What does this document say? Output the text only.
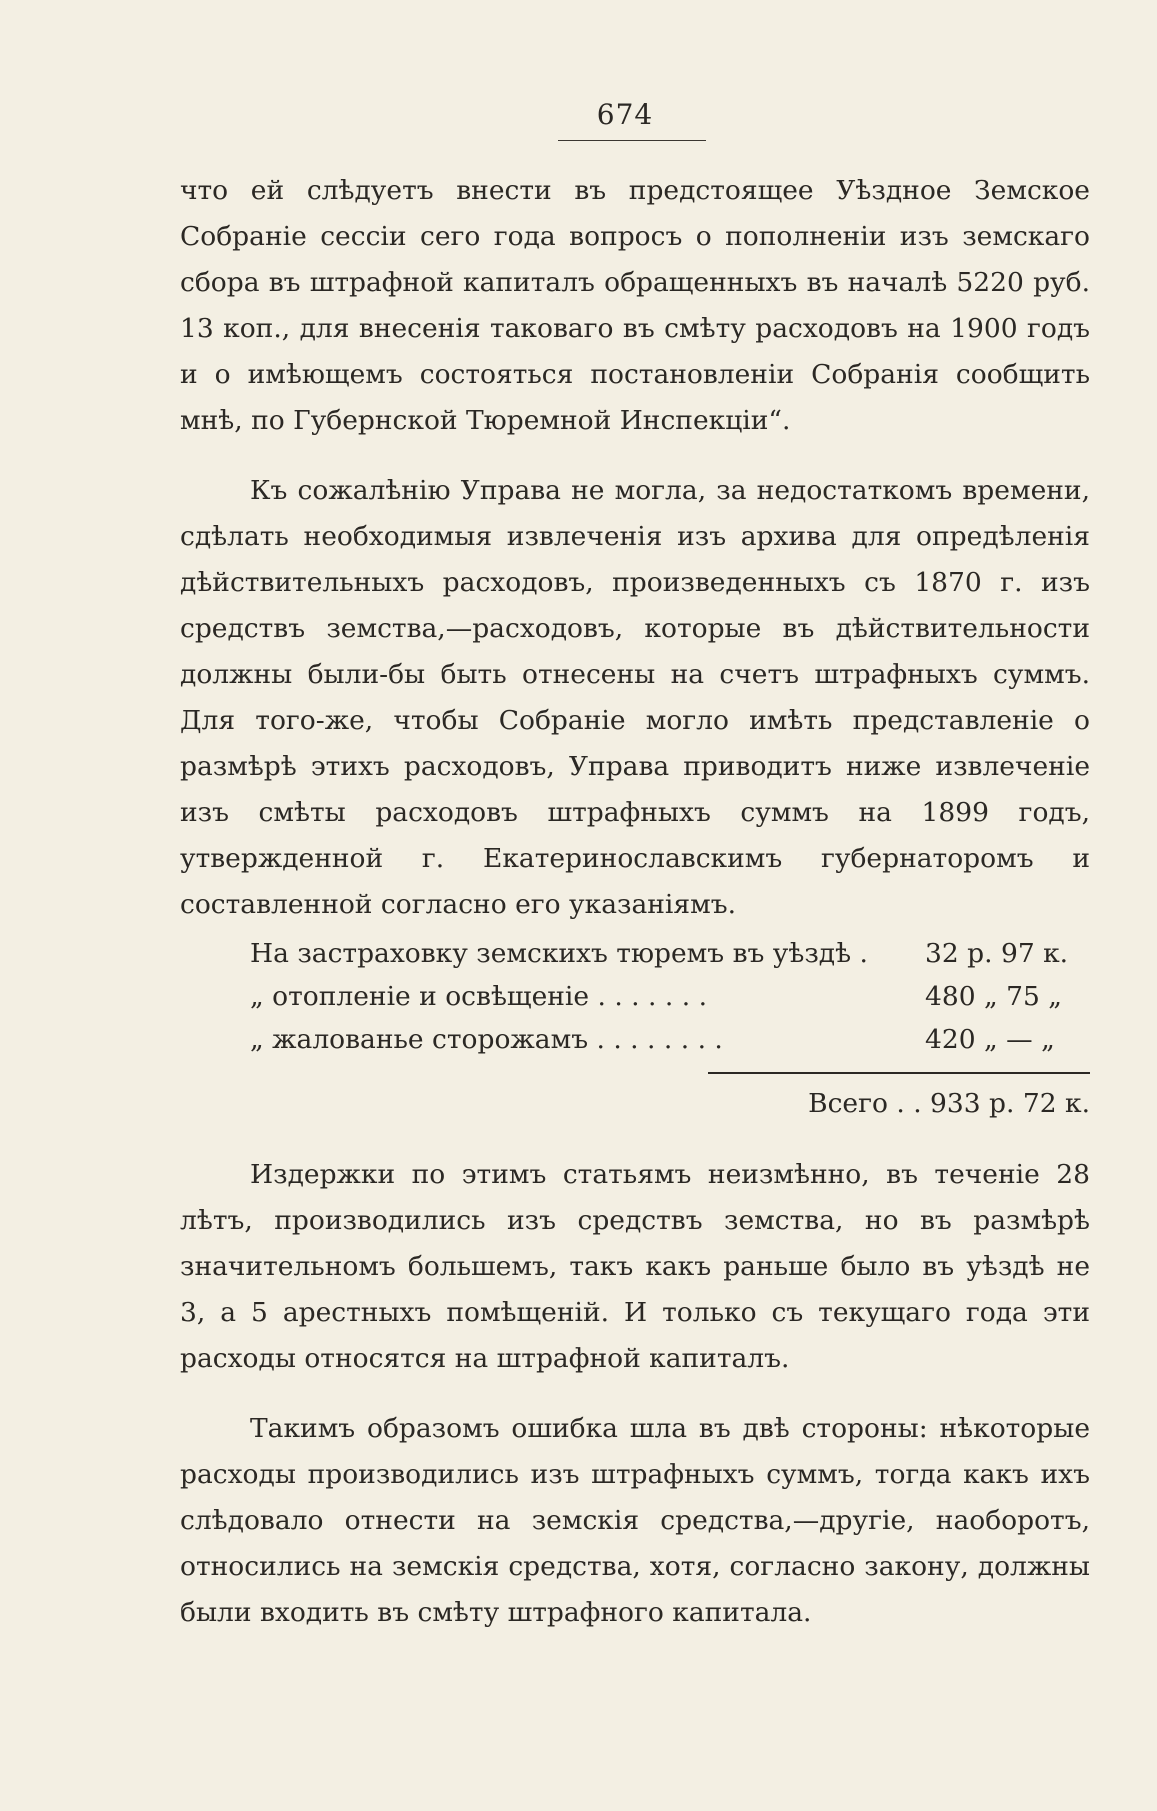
674

что ей слѣдуетъ внести въ предстоящее Уѣздное Земское Собраніе сессіи сего года вопросъ о пополненіи изъ земскаго сбора въ штрафной капиталъ обращенныхъ въ началѣ 5220 руб. 13 коп., для внесенія таковаго въ смѣту расходовъ на 1900 годъ и о имѣющемъ состояться постановленіи Собранія сообщить мнѣ, по Губернской Тюремной Инспекціи“.

Къ сожалѣнію Управа не могла, за недостаткомъ времени, сдѣлать необходимыя извлеченія изъ архива для опредѣленія дѣйствительныхъ расходовъ, произведенныхъ съ 1870 г. изъ средствъ земства,—расходовъ, которые въ дѣйствительности должны были-бы быть отнесены на счетъ штрафныхъ суммъ. Для того-же, чтобы Собраніе могло имѣть представленіе о размѣрѣ этихъ расходовъ, Управа приводитъ ниже извлеченіе изъ смѣты расходовъ штрафныхъ суммъ на 1899 годъ, утвержденной г. Екатеринославскимъ губернаторомъ и составленной согласно его указаніямъ.

На застраховку земскихъ тюремъ въ уѣздѣ . 32 р. 97 к.
„ отопленіе и освѣщеніе . . . . . . .	480 „ 75 „
„ жалованье сторожамъ . . . . . . . .	420 „ — „
Всего . . 933 р. 72 к.

Издержки по этимъ статьямъ неизмѣнно, въ теченіе 28 лѣтъ, производились изъ средствъ земства, но въ размѣрѣ значительномъ большемъ, такъ какъ раньше было въ уѣздѣ не 3, а 5 арестныхъ помѣщеній. И только съ текущаго года эти расходы относятся на штрафной капиталъ.

Такимъ образомъ ошибка шла въ двѣ стороны: нѣкоторые расходы производились изъ штрафныхъ суммъ, тогда какъ ихъ слѣдовало отнести на земскія средства,—другіе, наоборотъ, относились на земскія средства, хотя, согласно закону, должны были входить въ смѣту штрафного капитала.
